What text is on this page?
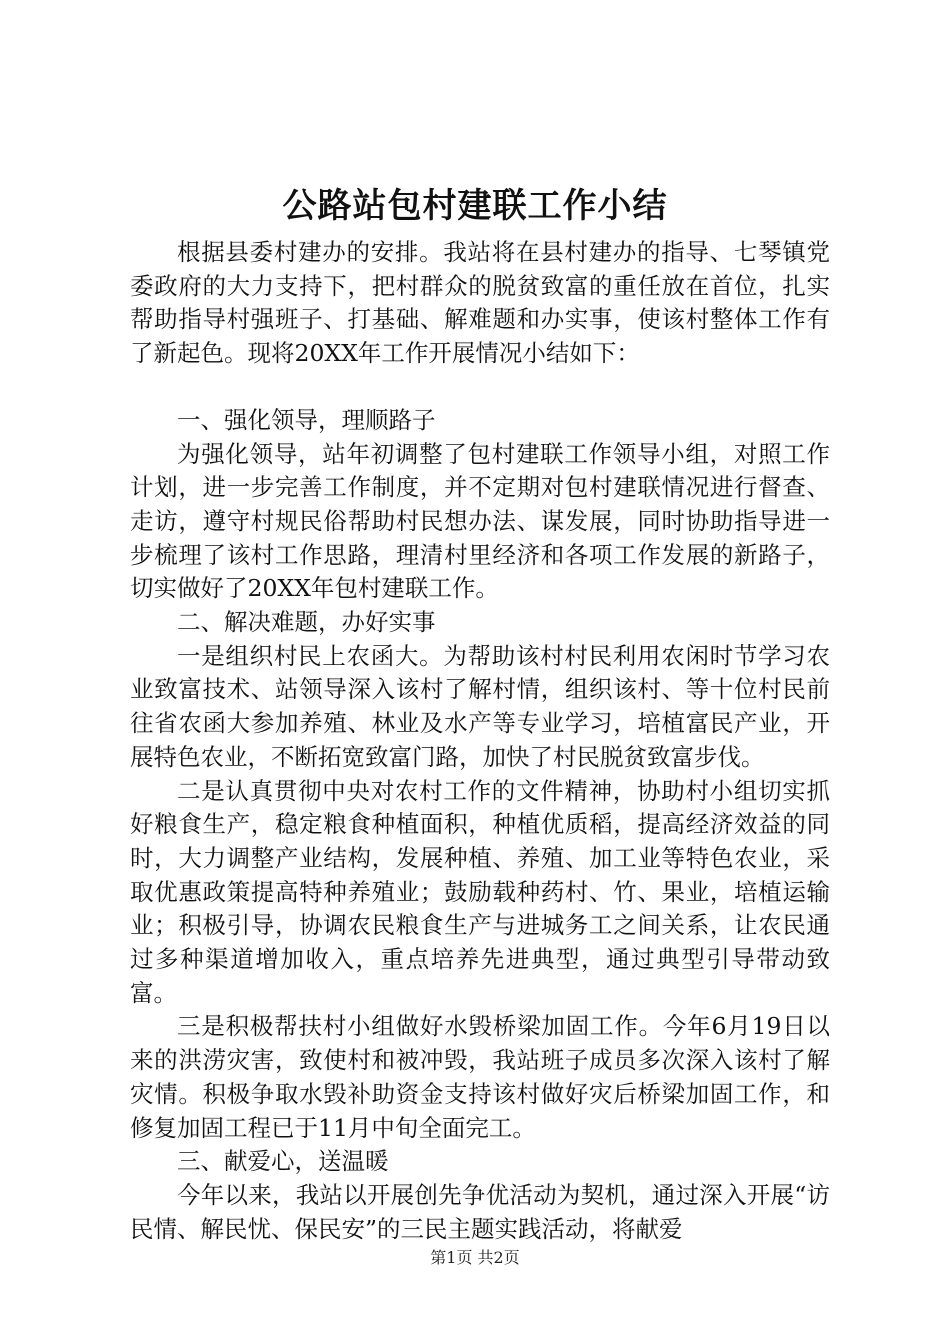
公路站包村建联工作小结

根据县委村建办的安排。我站将在县村建办的指导、七琴镇党委政府的大力支持下，把村群众的脱贫致富的重任放在首位，扎实帮助指导村强班子、打基础、解难题和办实事，使该村整体工作有了新起色。现将20XX年工作开展情况小结如下：

一、强化领导，理顺路子

为强化领导，站年初调整了包村建联工作领导小组，对照工作计划，进一步完善工作制度，并不定期对包村建联情况进行督查、走访，遵守村规民俗帮助村民想办法、谋发展，同时协助指导进一步梳理了该村工作思路，理清村里经济和各项工作发展的新路子，切实做好了20XX年包村建联工作。

二、解决难题，办好实事

一是组织村民上农函大。为帮助该村村民利用农闲时节学习农业致富技术、站领导深入该村了解村情，组织该村、等十位村民前往省农函大参加养殖、林业及水产等专业学习，培植富民产业，开展特色农业，不断拓宽致富门路，加快了村民脱贫致富步伐。

二是认真贯彻中央对农村工作的文件精神，协助村小组切实抓好粮食生产，稳定粮食种植面积，种植优质稻，提高经济效益的同时，大力调整产业结构，发展种植、养殖、加工业等特色农业，采取优惠政策提高特种养殖业；鼓励载种药村、竹、果业，培植运输业；积极引导，协调农民粮食生产与进城务工之间关系，让农民通过多种渠道增加收入，重点培养先进典型，通过典型引导带动致富。

三是积极帮扶村小组做好水毁桥梁加固工作。今年6月19日以来的洪涝灾害，致使村和被冲毁，我站班子成员多次深入该村了解灾情。积极争取水毁补助资金支持该村做好灾后桥梁加固工作，和修复加固工程已于11月中旬全面完工。

三、献爱心，送温暖

今年以来，我站以开展创先争优活动为契机，通过深入开展“访民情、解民忧、保民安”的三民主题实践活动，将献爱

第1页 共2页
